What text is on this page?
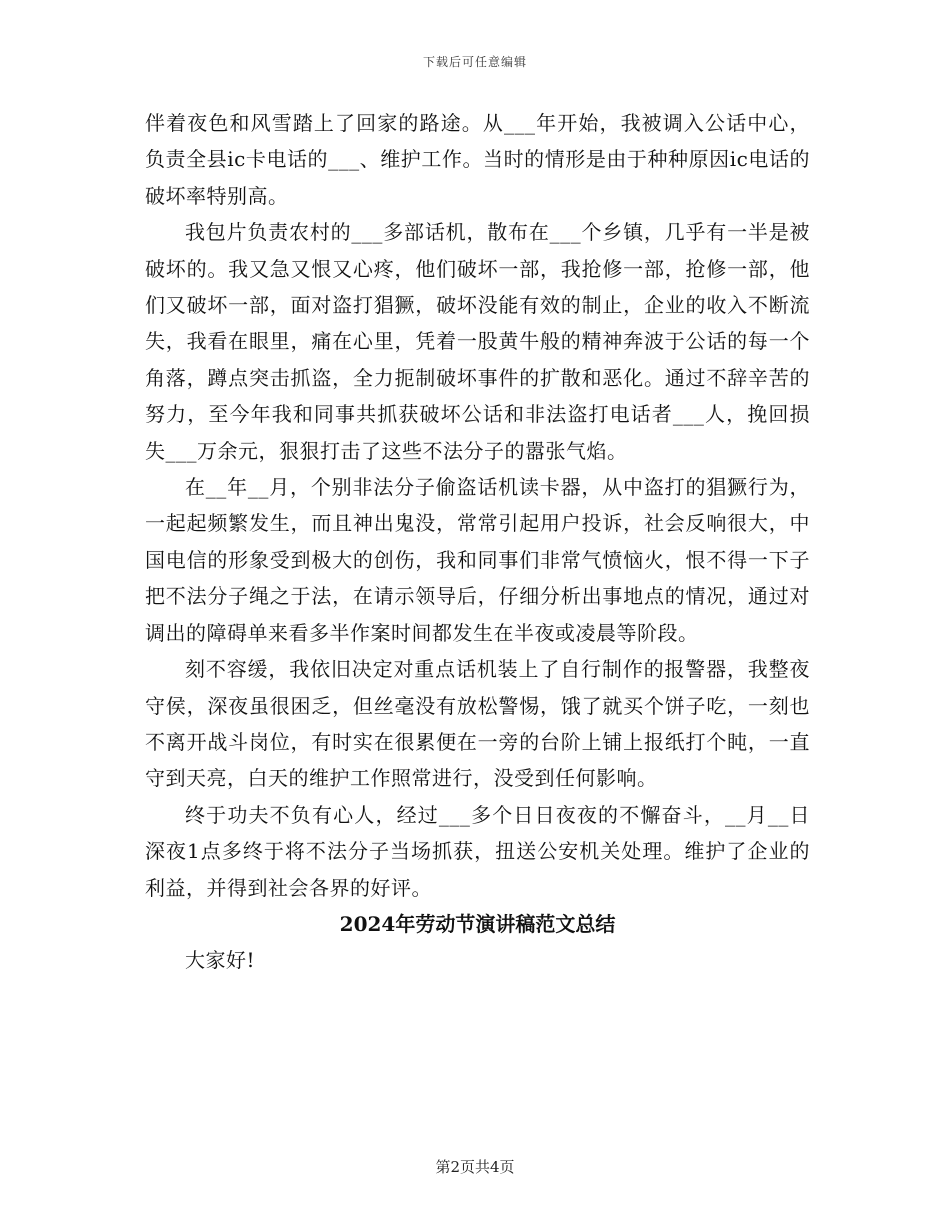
下载后可任意编辑

伴着夜色和风雪踏上了回家的路途。从___年开始，我被调入公话中心，负责全县ic卡电话的___、维护工作。当时的情形是由于种种原因ic电话的破坏率特别高。

我包片负责农村的___多部话机，散布在___个乡镇，几乎有一半是被破坏的。我又急又恨又心疼，他们破坏一部，我抢修一部，抢修一部，他们又破坏一部，面对盗打猖獗，破坏没能有效的制止，企业的收入不断流失，我看在眼里，痛在心里，凭着一股黄牛般的精神奔波于公话的每一个角落，蹲点突击抓盗，全力扼制破坏事件的扩散和恶化。通过不辞辛苦的努力，至今年我和同事共抓获破坏公话和非法盗打电话者___人，挽回损失___万余元，狠狠打击了这些不法分子的嚣张气焰。

在__年__月，个别非法分子偷盗话机读卡器，从中盗打的猖獗行为，一起起频繁发生，而且神出鬼没，常常引起用户投诉，社会反响很大，中国电信的形象受到极大的创伤，我和同事们非常气愤恼火，恨不得一下子把不法分子绳之于法，在请示领导后，仔细分析出事地点的情况，通过对调出的障碍单来看多半作案时间都发生在半夜或凌晨等阶段。

刻不容缓，我依旧决定对重点话机装上了自行制作的报警器，我整夜守侯，深夜虽很困乏，但丝毫没有放松警惕，饿了就买个饼子吃，一刻也不离开战斗岗位，有时实在很累便在一旁的台阶上铺上报纸打个盹，一直守到天亮，白天的维护工作照常进行，没受到任何影响。

终于功夫不负有心人，经过___多个日日夜夜的不懈奋斗，__月__日深夜1点多终于将不法分子当场抓获，扭送公安机关处理。维护了企业的利益，并得到社会各界的好评。

2024年劳动节演讲稿范文总结

大家好!

第2页共4页
